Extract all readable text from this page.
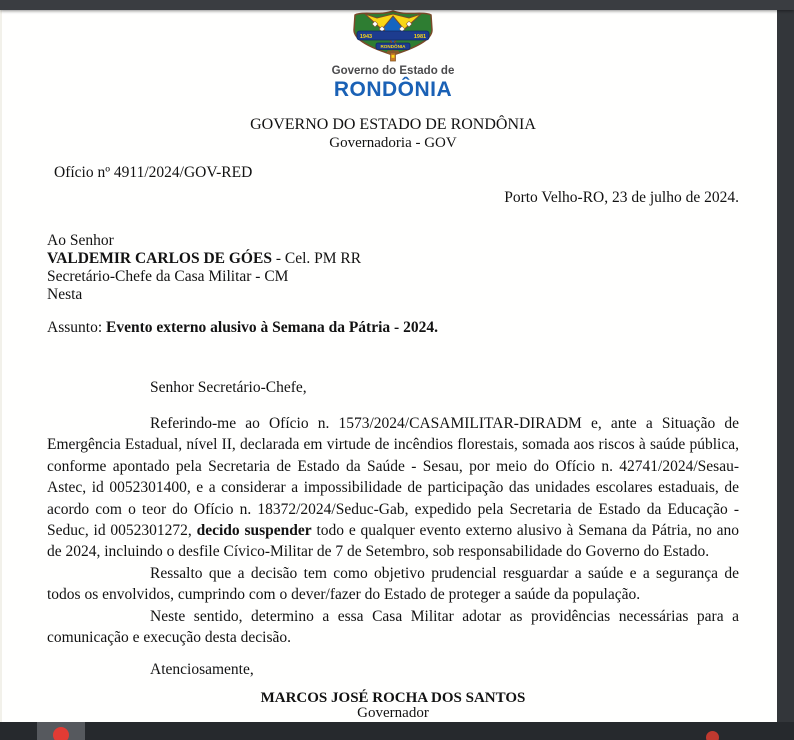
1943	1981
RONDÔNIA
Governo do Estado de
RONDÔNIA
GOVERNO DO ESTADO DE RONDÔNIA
Governadoria - GOV
Ofício nº 4911/2024/GOV-RED
Porto Velho-RO, 23 de julho de 2024.
Ao Senhor
VALDEMIR CARLOS DE GÓES - Cel. PM RR
Secretário-Chefe da Casa Militar - CM
Nesta
Assunto: Evento externo alusivo à Semana da Pátria - 2024.
Senhor Secretário-Chefe,

Referindo-me ao Ofício n. 1573/2024/CASAMILITAR-DIRADM e, ante a Situação de Emergência Estadual, nível II, declarada em virtude de incêndios florestais, somada aos riscos à saúde pública, conforme apontado pela Secretaria de Estado da Saúde - Sesau, por meio do Ofício n. 42741/2024/Sesau-Astec, id 0052301400, e a considerar a impossibilidade de participação das unidades escolares estaduais, de acordo com o teor do Ofício n. 18372/2024/Seduc-Gab, expedido pela Secretaria de Estado da Educação - Seduc, id 0052301272, decido suspender todo e qualquer evento externo alusivo à Semana da Pátria, no ano de 2024, incluindo o desfile Cívico-Militar de 7 de Setembro, sob responsabilidade do Governo do Estado.

Ressalto que a decisão tem como objetivo prudencial resguardar a saúde e a segurança de todos os envolvidos, cumprindo com o dever/fazer do Estado de proteger a saúde da população.

Neste sentido, determino a essa Casa Militar adotar as providências necessárias para a comunicação e execução desta decisão.

Atenciosamente,
MARCOS JOSÉ ROCHA DOS SANTOS
Governador
